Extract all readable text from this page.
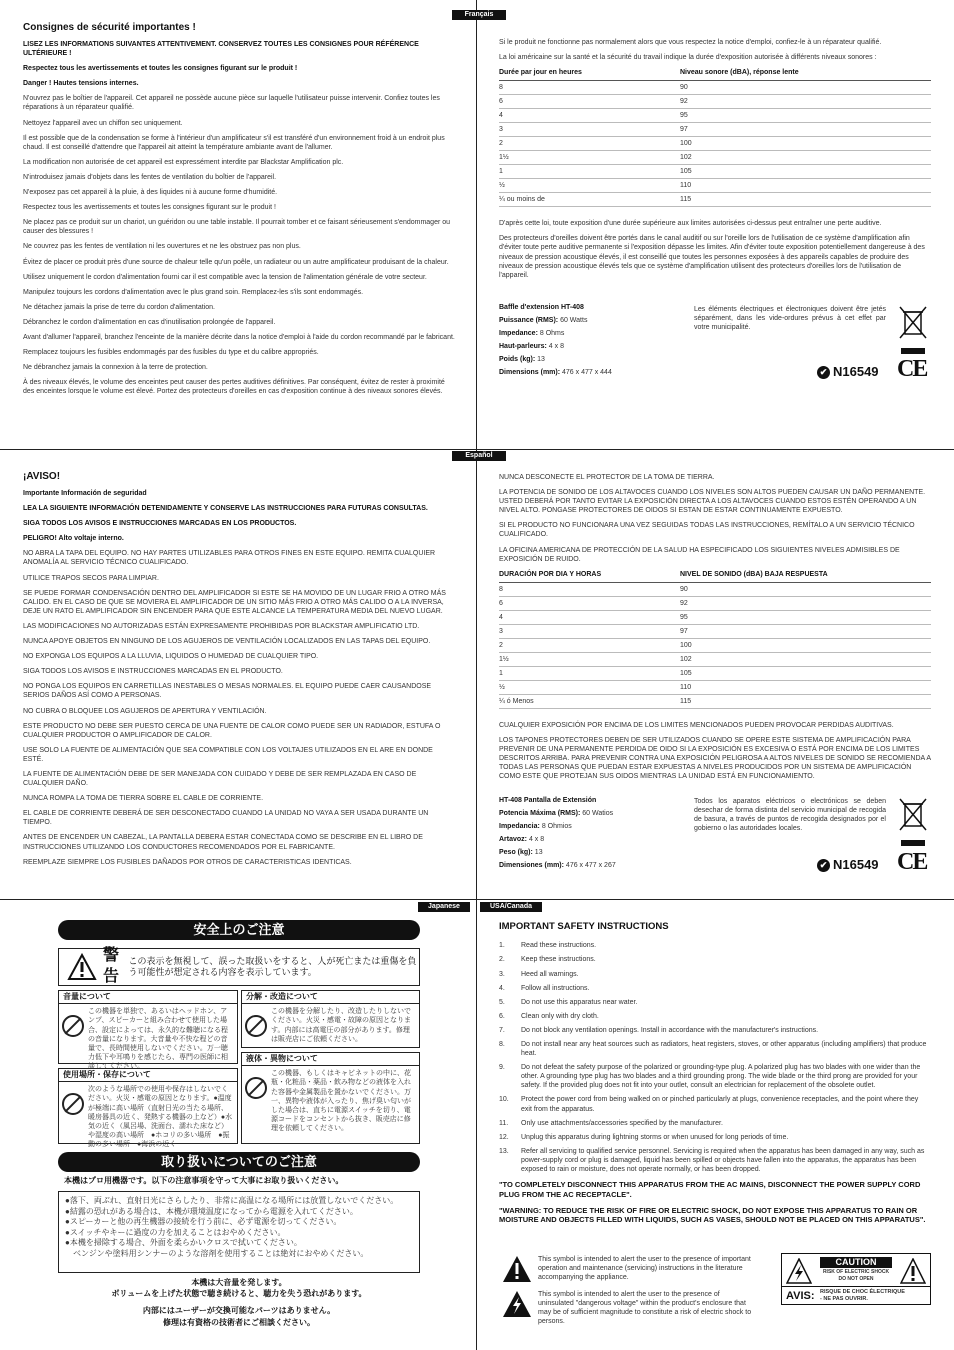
Français
Consignes de sécurité importantes !

LISEZ LES INFORMATIONS SUIVANTES ATTENTIVEMENT. CONSERVEZ TOUTES LES CONSIGNES POUR RÉFÉRENCE ULTÉRIEURE !

Respectez tous les avertissements et toutes les consignes figurant sur le produit !

Danger ! Hautes tensions internes.

N'ouvrez pas le boîtier de l'appareil. Cet appareil ne possède aucune pièce sur laquelle l'utilisateur puisse intervenir. Confiez toutes les réparations à un réparateur qualifié.

Nettoyez l'appareil avec un chiffon sec uniquement.

Il est possible que de la condensation se forme à l'intérieur d'un amplificateur s'il est transféré d'un environnement froid à un endroit plus chaud. Il est conseillé d'attendre que l'appareil ait atteint la température ambiante avant de l'allumer.

La modification non autorisée de cet appareil est expressément interdite par Blackstar Amplification plc.

N'introduisez jamais d'objets dans les fentes de ventilation du boîtier de l'appareil.

N'exposez pas cet appareil à la pluie, à des liquides ni à aucune forme d'humidité.

Respectez tous les avertissements et toutes les consignes figurant sur le produit !

Ne placez pas ce produit sur un chariot, un guéridon ou une table instable. Il pourrait tomber et ce faisant sérieusement s'endommager ou causer des blessures !

Ne couvrez pas les fentes de ventilation ni les ouvertures et ne les obstruez pas non plus.

Évitez de placer ce produit près d'une source de chaleur telle qu'un poêle, un radiateur ou un autre amplificateur produisant de la chaleur.

Utilisez uniquement le cordon d'alimentation fourni car il est compatible avec la tension de l'alimentation générale de votre secteur.

Manipulez toujours les cordons d'alimentation avec le plus grand soin. Remplacez-les s'ils sont endommagés.

Ne détachez jamais la prise de terre du cordon d'alimentation.

Débranchez le cordon d'alimentation en cas d'inutilisation prolongée de l'appareil.

Avant d'allumer l'appareil, branchez l'enceinte de la manière décrite dans la notice d'emploi à l'aide du cordon recommandé par le fabricant.

Remplacez toujours les fusibles endommagés par des fusibles du type et du calibre appropriés.

Ne débranchez jamais la connexion à la terre de protection.

À des niveaux élevés, le volume des enceintes peut causer des pertes auditives définitives. Par conséquent, évitez de rester à proximité des enceintes lorsque le volume est élevé. Portez des protecteurs d'oreilles en cas d'exposition continue à des niveaux sonores élevés.

Si le produit ne fonctionne pas normalement alors que vous respectez la notice d'emploi, confiez-le à un réparateur qualifié.

La loi américaine sur la santé et la sécurité du travail indique la durée d'exposition autorisée à différents niveaux sonores :

Durée par jour en heures	Niveau sonore (dBA), réponse lente
8	90
6	92
4	95
3	97
2	100
1½	102
1	105
½	110
¼ ou moins de	115

D'après cette loi, toute exposition d'une durée supérieure aux limites autorisées ci-dessus peut entraîner une perte auditive.

Des protecteurs d'oreilles doivent être portés dans le canal auditif ou sur l'oreille lors de l'utilisation de ce système d'amplification afin d'éviter toute perte auditive permanente si l'exposition dépasse les limites. Afin d'éviter toute exposition potentiellement dangereuse à des niveaux de pression acoustique élevés, il est conseillé que toutes les personnes exposées à des appareils capables de produire des niveaux de pression acoustique élevés tels que ce système d'amplification utilisent des protecteurs d'oreilles lors de l'utilisation de l'appareil.

Baffle d'extension HT-408

Puissance (RMS): 60 Watts

Impedance: 8 Ohms

Haut-parleurs: 4 x 8

Poids (kg): 13

Dimensions (mm): 476 x 477 x 444

Les éléments électriques et électroniques doivent être jetés séparément, dans les vide-ordures prévus à cet effet par votre municipalité.
✔ N16549 CE
Español
¡AVISO!

Importante Información de seguridad

LEA LA SIGUIENTE INFORMACIÓN DETENIDAMENTE Y CONSERVE LAS INSTRUCCIONES PARA FUTURAS CONSULTAS.

SIGA TODOS LOS AVISOS E INSTRUCCIONES MARCADAS EN LOS PRODUCTOS.

PELIGRO! Alto voltaje interno.

NO ABRA LA TAPA DEL EQUIPO. NO HAY PARTES UTILIZABLES PARA OTROS FINES EN ESTE EQUIPO. REMITA CUALQUIER ANOMALÍA AL SERVICIO TÉCNICO CUALIFICADO.

UTILICE TRAPOS SECOS PARA LIMPIAR.

SE PUEDE FORMAR CONDENSACIÓN DENTRO DEL AMPLIFICADOR SI ESTE SE HA MOVIDO DE UN LUGAR FRIO A OTRO MÁS CALIDO. EN EL CASO DE QUE SE MOVIERA EL AMPLIFICADOR DE UN SITIO MÁS FRIO A OTRO MÁS CALIDO O A LA INVERSA, DEJE UN RATO EL AMPLIFICADOR SIN ENCENDER PARA QUE ESTE ALCANCE LA TEMPERATURA MEDIA DEL NUEVO LUGAR.

LAS MODIFICACIONES NO AUTORIZADAS ESTÁN EXPRESAMENTE PROHIBIDAS POR BLACKSTAR AMPLIFICATIO LTD.

NUNCA APOYE OBJETOS EN NINGUNO DE LOS AGUJEROS DE VENTILACIÓN LOCALIZADOS EN LAS TAPAS DEL EQUIPO.

NO EXPONGA LOS EQUIPOS A LA LLUVIA, LIQUIDOS O HUMEDAD DE CUALQUIER TIPO.

SIGA TODOS LOS AVISOS E INSTRUCCIONES MARCADAS EN EL PRODUCTO.

NO PONGA LOS EQUIPOS EN CARRETILLAS INESTABLES O MESAS NORMALES. EL EQUIPO PUEDE CAER CAUSANDOSE SERIOS DAÑOS ASÍ COMO A PERSONAS.

NO CUBRA O BLOQUEE LOS AGUJEROS DE APERTURA Y VENTILACIÓN.

ESTE PRODUCTO NO DEBE SER PUESTO CERCA DE UNA FUENTE DE CALOR COMO PUEDE SER UN RADIADOR, ESTUFA O CUALQUIER PRODUCTOR O AMPLIFICADOR DE CALOR.

USE SOLO LA FUENTE DE ALIMENTACIÓN QUE SEA COMPATIBLE CON LOS VOLTAJES UTILIZADOS EN EL ARE EN DONDE ESTÉ.

LA FUENTE DE ALIMENTACIÓN DEBE DE SER MANEJADA CON CUIDADO Y DEBE DE SER REMPLAZADA EN CASO DE CUALQUIER DAÑO.

NUNCA ROMPA LA TOMA DE TIERRA SOBRE EL CABLE DE CORRIENTE.

EL CABLE DE CORRIENTE DEBERÁ DE SER DESCONECTADO CUANDO LA UNIDAD NO VAYA A SER USADA DURANTE UN TIEMPO.

ANTES DE ENCENDER UN CABEZAL, LA PANTALLA DEBERA ESTAR CONECTADA COMO SE DESCRIBE EN EL LIBRO DE INSTRUCCIONES UTILIZANDO LOS CONDUCTORES RECOMENDADOS POR EL FABRICANTE.

REEMPLAZE SIEMPRE LOS FUSIBLES DAÑADOS POR OTROS DE CARACTERISTICAS IDENTICAS.

NUNCA DESCONECTE EL PROTECTOR DE LA TOMA DE TIERRA.

LA POTENCIA DE SONIDO DE LOS ALTAVOCES CUANDO LOS NIVELES SON ALTOS PUEDEN CAUSAR UN DAÑO PERMANENTE. USTED DEBERÁ POR TANTO EVITAR LA EXPOSICIÓN DIRECTA A LOS ALTAVOCES CUANDO ESTOS ESTÉN OPERANDO A UN NIVEL ALTO. PONGASE PROTECTORES DE OIDOS SI ESTAN DE ESTAR CONTINUAMENTE EXPUESTO.

SI EL PRODUCTO NO FUNCIONARA UNA VEZ SEGUIDAS TODAS LAS INSTRUCCIONES, REMÍTALO A UN SERVICIO TÉCNICO CUALIFICADO.

LA OFICINA AMERICANA DE PROTECCIÓN DE LA SALUD HA ESPECIFICADO LOS SIGUIENTES NIVELES ADMISIBLES DE EXPOSICIÓN DE RUIDO.

DURACIÓN POR DIA Y HORAS	NIVEL DE SONIDO (dBA) BAJA RESPUESTA
8	90
6	92
4	95
3	97
2	100
1½	102
1	105
½	110
¼ ó Menos	115

CUALQUIER EXPOSICIÓN POR ENCIMA DE LOS LIMITES MENCIONADOS PUEDEN PROVOCAR PERDIDAS AUDITIVAS.

LOS TAPONES PROTECTORES DEBEN DE SER UTILIZADOS CUANDO SE OPERE ESTE SISTEMA DE AMPLIFICACIÓN PARA PREVENIR DE UNA PERMANENTE PERDIDA DE OIDO SI LA EXPOSICIÓN ES EXCESIVA O ESTÁ POR ENCIMA DE LOS LIMITES DESCRITOS ARRIBA. PARA PREVENIR CONTRA UNA EXPOSICIÓN PELIGROSA A ALTOS NIVELES DE SONIDO SE RECOMIENDA A TODAS LAS PERSONAS QUE PUEDAN ESTAR EXPUESTAS A NIVELES PRODUCIDOS POR UN SISTEMA DE AMPLIFICACIÓN COMO ESTE QUE PROTEJAN SUS OIDOS MIENTRAS LA UNIDAD ESTÁ EN FUNCIONAMIENTO.

HT-408 Pantalla de Extensión

Potencia Máxima (RMS): 60 Watios

Impedancia: 8 Ohmios

Artavoz: 4 x 8

Peso (kg): 13

Dimensiones (mm): 476 x 477 x 267

Todos los aparatos eléctricos o electrónicos se deben desechar de forma distinta del servicio municipal de recogida de basura, a través de puntos de recogida designados por el gobierno o las autoridades locales.
✔ N16549 CE
Japanese
安全上のご注意
警告
この表示を無視して、誤った取扱いをすると、人が死亡または重傷を負う可能性が想定される内容を表示しています。
音量について
この機器を単独で、あるいはヘッドホン、アンプ、スピーカーと組み合わせて使用した場合、設定によっては、永久的な難聴になる程の音量になります。大音量や不快な程どの音量で、長時間使用しないでください。万一聴力低下や耳鳴りを感じたら、専門の医師に相談してください。
分解・改造について
この機器を分解したり、改造したりしないでください。火災・感電・故障の原因となります。内部には高電圧の部分があります。修理は販売店にご依頼ください。
使用場所・保存について
次のような場所での使用や保存はしないでください。火災・感電の原因となります。●温度が極端に高い場所（直射日光の当たる場所、暖房器具の近く、発熱する機器の上など）●水気の近く（風呂場、洗面台、濡れた床など）や湿度の高い場所　●ホコリの多い場所　●振動の多い場所　●海浜の近く
液体・異物について
この機器、もしくはキャビネットの中に、花瓶・化粧品・薬品・飲み物などの液体を入れた容器や金属製品を置かないでください。万一、異物や液体が入ったり、焦げ臭い匂いがした場合は、直ちに電源スイッチを切り、電源コードをコンセントから抜き、販売店に修理を依頼してください。
取り扱いについてのご注意
本機はプロ用機器です。以下の注意事項を守って大事にお取り扱いください。
●落下、両ぶれ、直射日光にさらしたり、非常に高温になる場所には放置しないでください。
●結露の恐れがある場合は、本機が環境温度になってから電源を入れてください。
●スピーカーと他の再生機器の接続を行う前に、必ず電源を切ってください。
●スイッチやキーに過度の力を加えることはおやめください。
●本機を掃除する場合、外面を柔らかいクロスで拭いてください。
ベンジンや塗料用シンナーのような溶剤を使用することは絶対におやめください。
本機は大音量を発します。
ボリュームを上げた状態で聴き続けると、聴力を失う恐れがあります。
内部にはユーザーが交換可能なパーツはありません。
修理は有資格の技術者にご相談ください。
USA/Canada
IMPORTANT SAFETY INSTRUCTIONS
1.	Read these instructions.
2.	Keep these instructions.
3.	Heed all warnings.
4.	Follow all instructions.
5.	Do not use this apparatus near water.
6.	Clean only with dry cloth.
7.	Do not block any ventilation openings. Install in accordance with the manufacturer's instructions.
8.	Do not install near any heat sources such as radiators, heat registers, stoves, or other apparatus (including amplifiers) that produce heat.
9.	Do not defeat the safety purpose of the polarized or grounding-type plug. A polarized plug has two blades with one wider than the other. A grounding type plug has two blades and a third grounding prong. The wide blade or the third prong are provided for your safety. If the provided plug does not fit into your outlet, consult an electrician for replacement of the obsolete outlet.
10.	Protect the power cord from being walked on or pinched particularly at plugs, convenience receptacles, and the point where they exit from the apparatus.
11.	Only use attachments/accessories specified by the manufacturer.
12.	Unplug this apparatus during lightning storms or when unused for long periods of time.
13.	Refer all servicing to qualified service personnel. Servicing is required when the apparatus has been damaged in any way, such as power-supply cord or plug is damaged, liquid has been spilled or objects have fallen into the apparatus, the apparatus has been exposed to rain or moisture, does not operate normally, or has been dropped.

"TO COMPLETELY DISCONNECT THIS APPARATUS FROM THE AC MAINS, DISCONNECT THE POWER SUPPLY CORD PLUG FROM THE AC RECEPTACLE".

"WARNING: TO REDUCE THE RISK OF FIRE OR ELECTRIC SHOCK, DO NOT EXPOSE THIS APPARATUS TO RAIN OR MOISTURE AND OBJECTS FILLED WITH LIQUIDS, SUCH AS VASES, SHOULD NOT BE PLACED ON THIS APPARATUS".

This symbol is intended to alert the user to the presence of important operation and maintenance (servicing) instructions in the literature accompanying the appliance.
This symbol is intended to alert the user to the presence of uninsulated "dangerous voltage" within the product's enclosure that may be of sufficient magnitude to constitute a risk of electric shock to persons.
CAUTION
RISK OF ELECTRIC SHOCK
DO NOT OPEN
AVIS: RISQUE DE CHOC ÉLECTRIQUE
- NE PAS OUVRIR.
